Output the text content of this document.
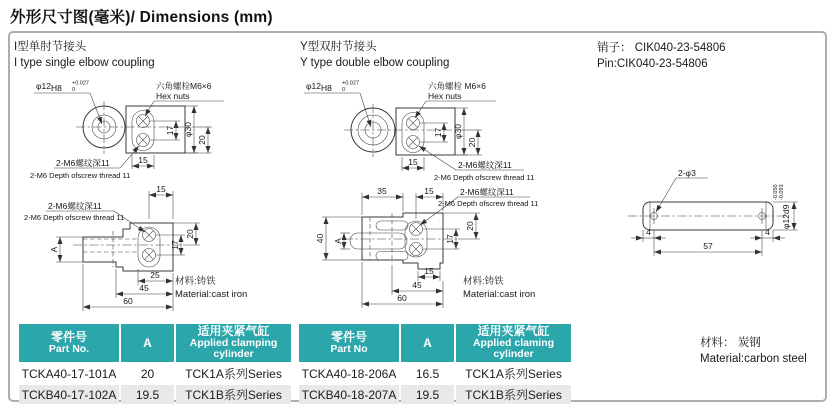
外形尺寸图(毫米)/ Dimensions (mm)
I型单肘节接头
I type single elbow coupling
Y型双肘节接头
Y type double elbow coupling
销子： CIK040-23-54806
Pin:CIK040-23-54806
φ12H8 +0.027
0	六角螺栓M6×6
Hex nuts
17 φ30
20
15
2-M6螺纹深11
2-M6 Depth ofscrew thread 11
15
2-M6螺纹深11
2-M6 Depth ofscrew thread 11
A	17
20
25
45
60
φ12H8 +0.027
0	六角螺栓 M6×6
Hex nuts
17 φ30
20
15	2-M6螺纹深11
2-M6 Depth ofscrew thread 11
35	15	2-M6螺纹深11
2-M6 Depth ofscrew thread 11
40 A
20
17
15
45
60
2-φ3
4	4
57
φ12d9
-0.050 -0.093
材料:铸铁
Material:cast iron
材料:铸铁
Material:cast iron
材料： 炭钢
Material:carbon steel
零件号
Part No.	A	
适用夹紧气缸
Applied clamping cylinder

TCKA40-17-101A	20	TCK1A系列Series
TCKB40-17-102A	19.5	TCK1B系列Series
零件号
Part No	A	
适用夹紧气缸
Applied claming cylinder

TCKA40-18-206A	16.5	TCK1A系列Series
TCKB40-18-207A	19.5	TCK1B系列Series
